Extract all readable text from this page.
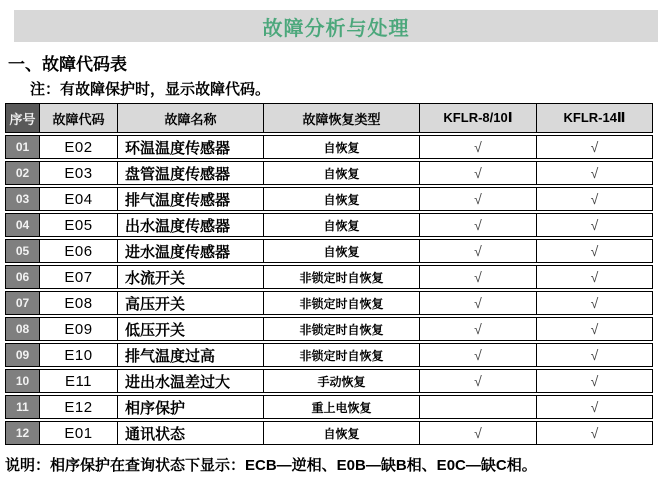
故障分析与处理
一、故障代码表
注：有故障保护时，显示故障代码。
序号	故障代码	故障名称	故障恢复类型	KFLR-8/10Ⅰ	KFLR-14Ⅱ
01	E02	环温温度传感器	自恢复	√	√
02	E03	盘管温度传感器	自恢复	√	√
03	E04	排气温度传感器	自恢复	√	√
04	E05	出水温度传感器	自恢复	√	√
05	E06	进水温度传感器	自恢复	√	√
06	E07	水流开关	非锁定时自恢复	√	√
07	E08	高压开关	非锁定时自恢复	√	√
08	E09	低压开关	非锁定时自恢复	√	√
09	E10	排气温度过高	非锁定时自恢复	√	√
10	E11	进出水温差过大	手动恢复	√	√
11	E12	相序保护	重上电恢复		√
12	E01	通讯状态	自恢复	√	√
说明：相序保护在查询状态下显示：ECB—逆相、E0B—缺B相、E0C—缺C相。
